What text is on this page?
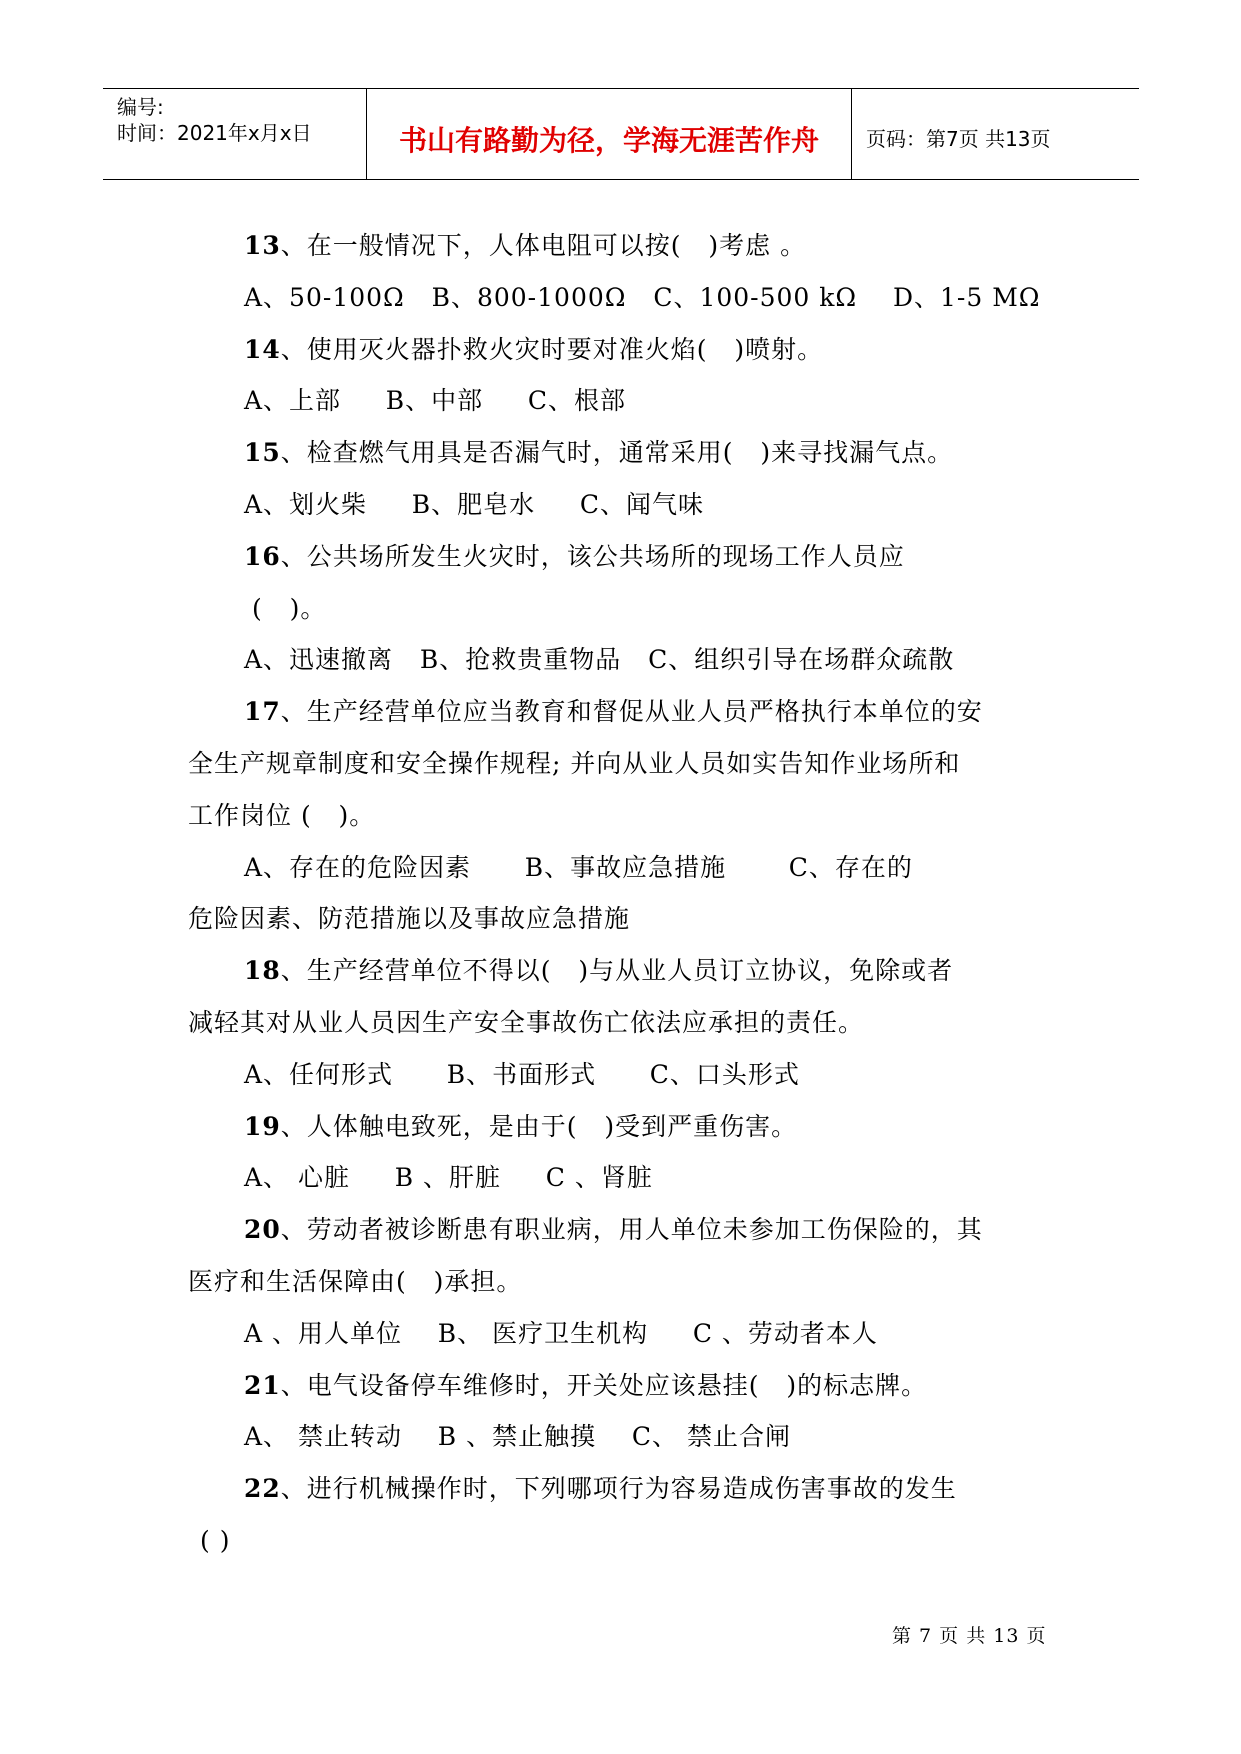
编号:
时间：2021年x月x日	书山有路勤为径，学海无涯苦作舟	页码：第7页 共13页
13、在一般情况下，人体电阻可以按(   )考虑 。
A、50-100Ω   B、800-1000Ω   C、100-500 kΩ    D、1-5 MΩ
14、使用灭火器扑救火灾时要对准火焰(   )喷射。
A、上部     B、中部     C、根部
15、检查燃气用具是否漏气时，通常采用(   )来寻找漏气点。
A、划火柴     B、肥皂水     C、闻气味
16、公共场所发生火灾时，该公共场所的现场工作人员应
(   )。
A、迅速撤离   B、抢救贵重物品   C、组织引导在场群众疏散
17、生产经营单位应当教育和督促从业人员严格执行本单位的安
全生产规章制度和安全操作规程; 并向从业人员如实告知作业场所和
工作岗位 (   )。
A、存在的危险因素      B、事故应急措施       C、存在的
危险因素、防范措施以及事故应急措施
18、生产经营单位不得以(   )与从业人员订立协议，免除或者
减轻其对从业人员因生产安全事故伤亡依法应承担的责任。
A、任何形式      B、书面形式      C、口头形式
19、人体触电致死，是由于(   )受到严重伤害。
A、 心脏     B 、肝脏     C 、肾脏
20、劳动者被诊断患有职业病，用人单位未参加工伤保险的，其
医疗和生活保障由(   )承担。
A 、用人单位    B、 医疗卫生机构     C 、劳动者本人
21、电气设备停车维修时，开关处应该悬挂(   )的标志牌。
A、 禁止转动    B 、禁止触摸    C、 禁止合闸
22、进行机械操作时，下列哪项行为容易造成伤害事故的发生
( )
第 7 页 共 13 页
